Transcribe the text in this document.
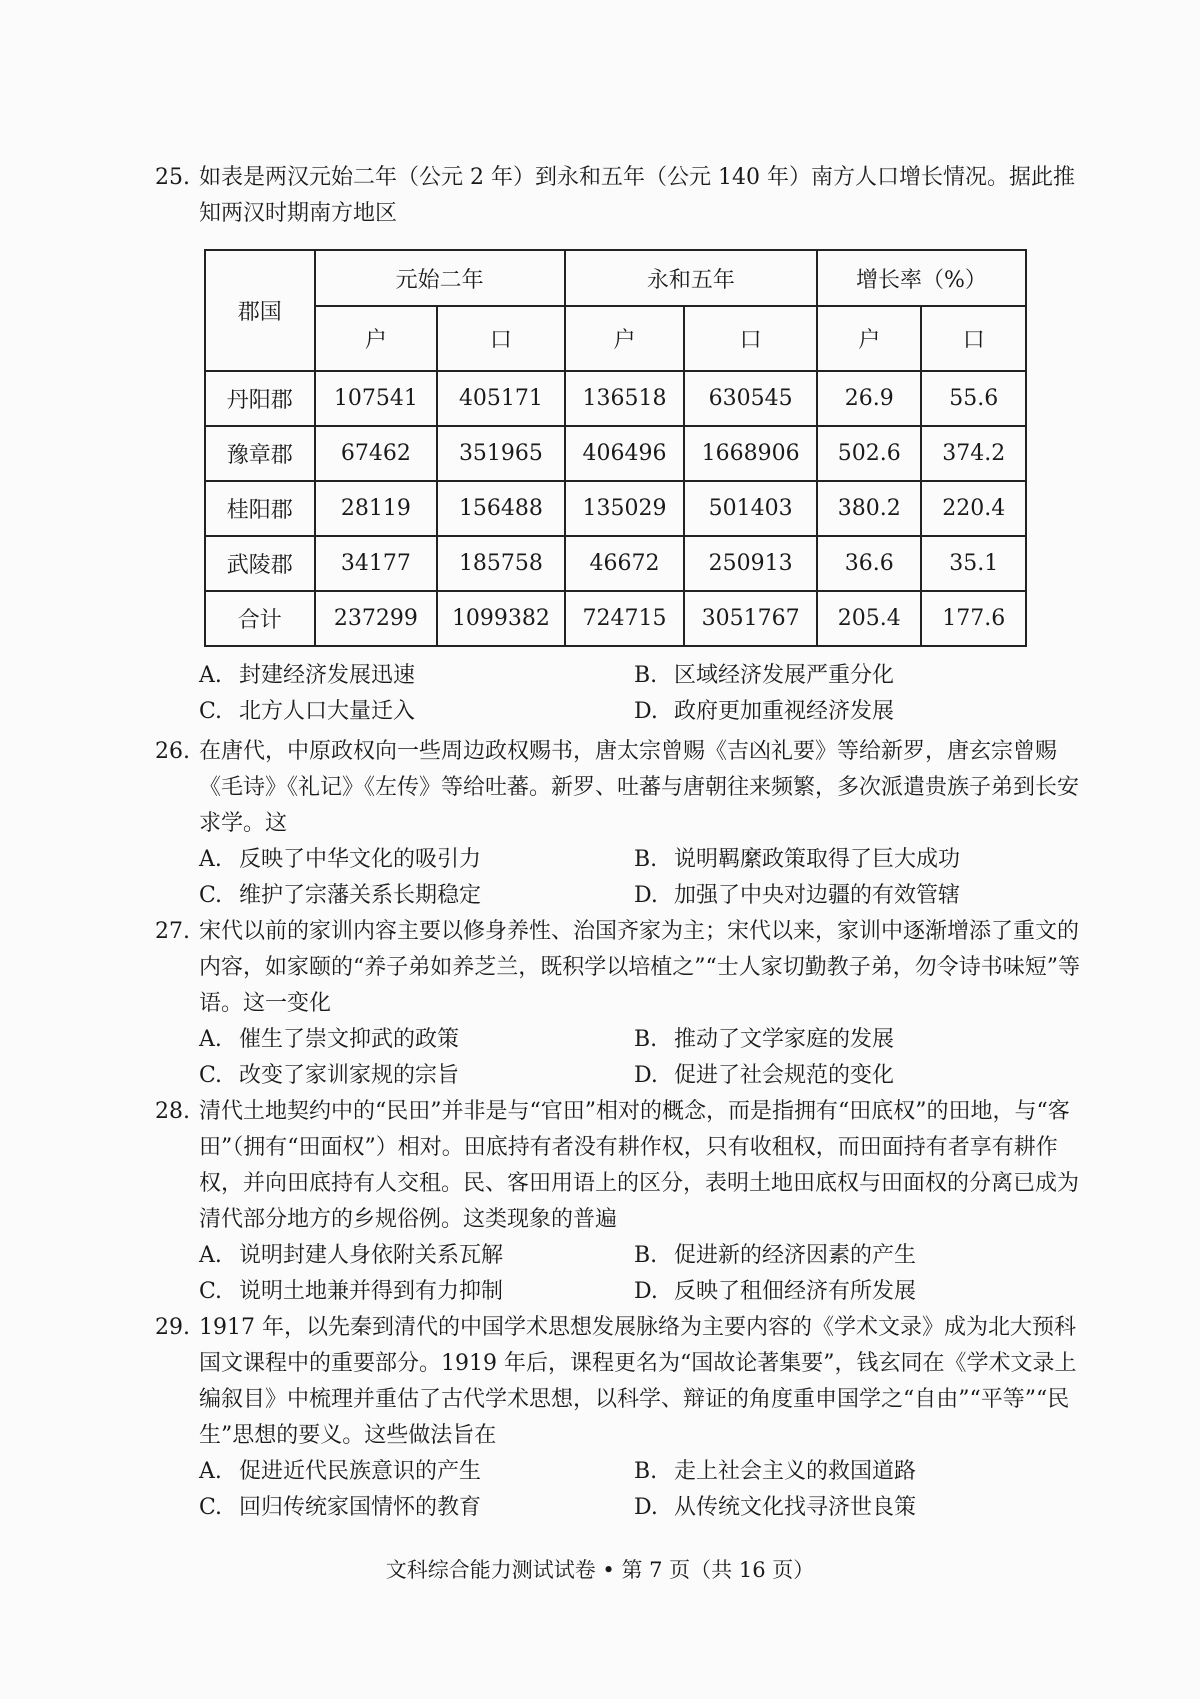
25. 如表是两汉元始二年（公元 2 年）到永和五年（公元 140 年）南方人口增长情况。据此推知两汉时期南方地区
郡国	元始二年		永和五年		增长率（%）	
	户	口	户	口	户	口
丹阳郡	107541	405171	136518	630545	26.9	55.6
豫章郡	67462	351965	406496	1668906	502.6	374.2
桂阳郡	28119	156488	135029	501403	380.2	220.4
武陵郡	34177	185758	46672	250913	36.6	35.1
合计	237299	1099382	724715	3051767	205.4	177.6
A. 封建经济发展迅速	B. 区域经济发展严重分化
C. 北方人口大量迁入	D. 政府更加重视经济发展
26. 在唐代，中原政权向一些周边政权赐书，唐太宗曾赐《吉凶礼要》等给新罗，唐玄宗曾赐《毛诗》《礼记》《左传》等给吐蕃。新罗、吐蕃与唐朝往来频繁，多次派遣贵族子弟到长安求学。这
A. 反映了中华文化的吸引力	B. 说明羁縻政策取得了巨大成功
C. 维护了宗藩关系长期稳定	D. 加强了中央对边疆的有效管辖
27. 宋代以前的家训内容主要以修身养性、治国齐家为主；宋代以来，家训中逐渐增添了重文的内容，如家颐的“养子弟如养芝兰，既积学以培植之”“士人家切勤教子弟，勿令诗书味短”等语。这一变化
A. 催生了崇文抑武的政策	B. 推动了文学家庭的发展
C. 改变了家训家规的宗旨	D. 促进了社会规范的变化
28. 清代土地契约中的“民田”并非是与“官田”相对的概念，而是指拥有“田底权”的田地，与“客田”（拥有“田面权”）相对。田底持有者没有耕作权，只有收租权，而田面持有者享有耕作权，并向田底持有人交租。民、客田用语上的区分，表明土地田底权与田面权的分离已成为清代部分地方的乡规俗例。这类现象的普遍
A. 说明封建人身依附关系瓦解	B. 促进新的经济因素的产生
C. 说明土地兼并得到有力抑制	D. 反映了租佃经济有所发展
29. 1917 年，以先秦到清代的中国学术思想发展脉络为主要内容的《学术文录》成为北大预科国文课程中的重要部分。1919 年后，课程更名为“国故论著集要”，钱玄同在《学术文录上编叙目》中梳理并重估了古代学术思想，以科学、辩证的角度重申国学之“自由”“平等”“民生”思想的要义。这些做法旨在
A. 促进近代民族意识的产生	B. 走上社会主义的救国道路
C. 回归传统家国情怀的教育	D. 从传统文化找寻济世良策
文科综合能力测试试卷 • 第 7 页（共 16 页）
